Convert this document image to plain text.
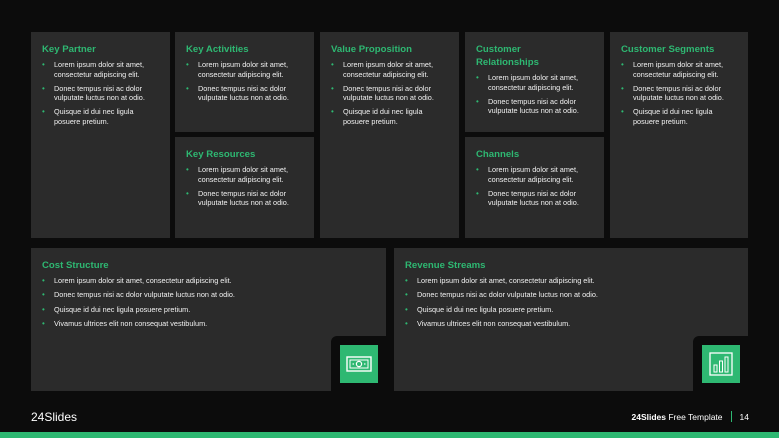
Key Partner
• Lorem ipsum dolor sit amet, consectetur adipiscing elit.
• Donec tempus nisi ac dolor vulputate luctus non at odio.
• Quisque id dui nec ligula posuere pretium.
Key Activities
• Lorem ipsum dolor sit amet, consectetur adipiscing elit.
• Donec tempus nisi ac dolor vulputate luctus non at odio.
Key Resources
• Lorem ipsum dolor sit amet, consectetur adipiscing elit.
• Donec tempus nisi ac dolor vulputate luctus non at odio.
Value Proposition
• Lorem ipsum dolor sit amet, consectetur adipiscing elit.
• Donec tempus nisi ac dolor vulputate luctus non at odio.
• Quisque id dui nec ligula posuere pretium.
Customer Relationships
• Lorem ipsum dolor sit amet, consectetur adipiscing elit.
• Donec tempus nisi ac dolor vulputate luctus non at odio.
Channels
• Lorem ipsum dolor sit amet, consectetur adipiscing elit.
• Donec tempus nisi ac dolor vulputate luctus non at odio.
Customer Segments
• Lorem ipsum dolor sit amet, consectetur adipiscing elit.
• Donec tempus nisi ac dolor vulputate luctus non at odio.
• Quisque id dui nec ligula posuere pretium.
Cost Structure
• Lorem ipsum dolor sit amet, consectetur adipiscing elit.
• Donec tempus nisi ac dolor vulputate luctus non at odio.
• Quisque id dui nec ligula posuere pretium.
• Vivamus ultrices elit non consequat vestibulum.
Revenue Streams
• Lorem ipsum dolor sit amet, consectetur adipiscing elit.
• Donec tempus nisi ac dolor vulputate luctus non at odio.
• Quisque id dui nec ligula posuere pretium.
• Vivamus ultrices elit non consequat vestibulum.
24Slides	24Slides Free Template 14
